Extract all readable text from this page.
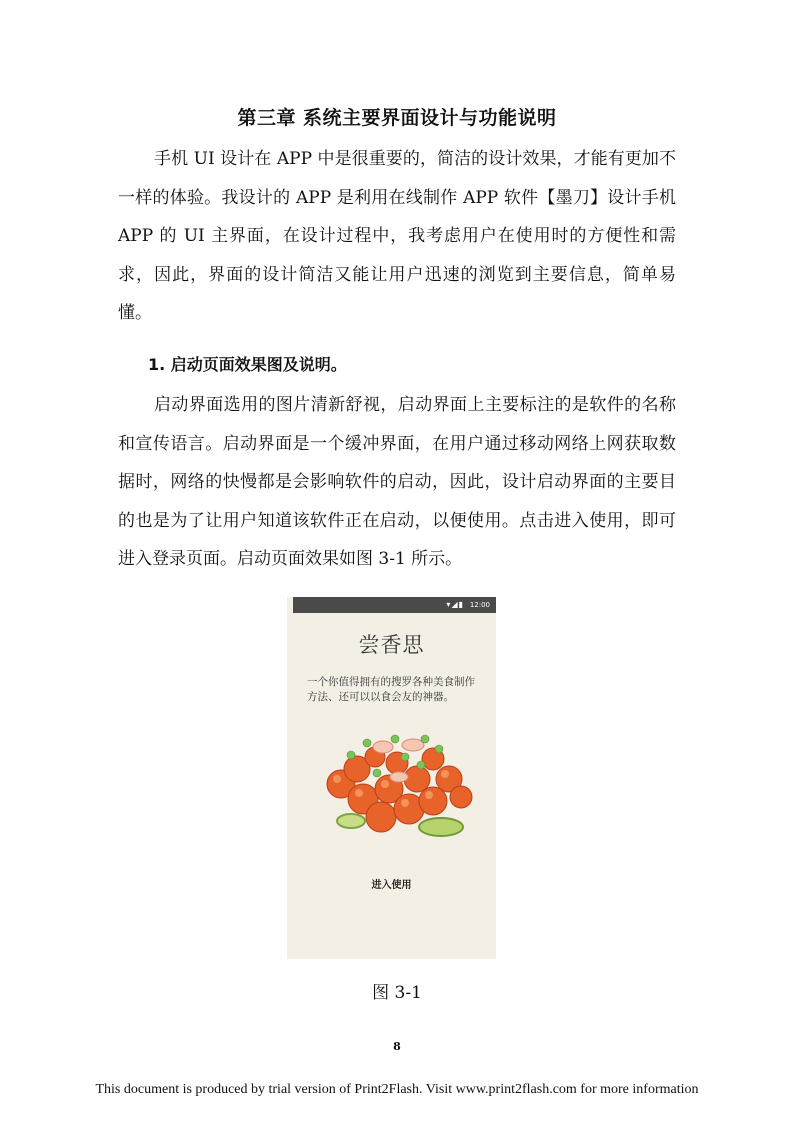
第三章 系统主要界面设计与功能说明

手机 UI 设计在 APP 中是很重要的，简洁的设计效果，才能有更加不一样的体验。我设计的 APP 是利用在线制作 APP 软件【墨刀】设计手机 APP 的 UI 主界面，在设计过程中，我考虑用户在使用时的方便性和需求，因此，界面的设计简洁又能让用户迅速的浏览到主要信息，简单易懂。

1. 启动页面效果图及说明。

启动界面选用的图片清新舒视，启动界面上主要标注的是软件的名称和宣传语言。启动界面是一个缓冲界面，在用户通过移动网络上网获取数据时，网络的快慢都是会影响软件的启动，因此，设计启动界面的主要目的也是为了让用户知道该软件正在启动，以便使用。点击进入使用，即可进入登录页面。启动页面效果如图 3-1 所示。

▾◢▮ 12:00
尝香思

一个你值得拥有的搜罗各种美食制作方法、还可以以食会友的神器。

进入使用
图 3-1
8
This document is produced by trial version of Print2Flash. Visit www.print2flash.com for more information
